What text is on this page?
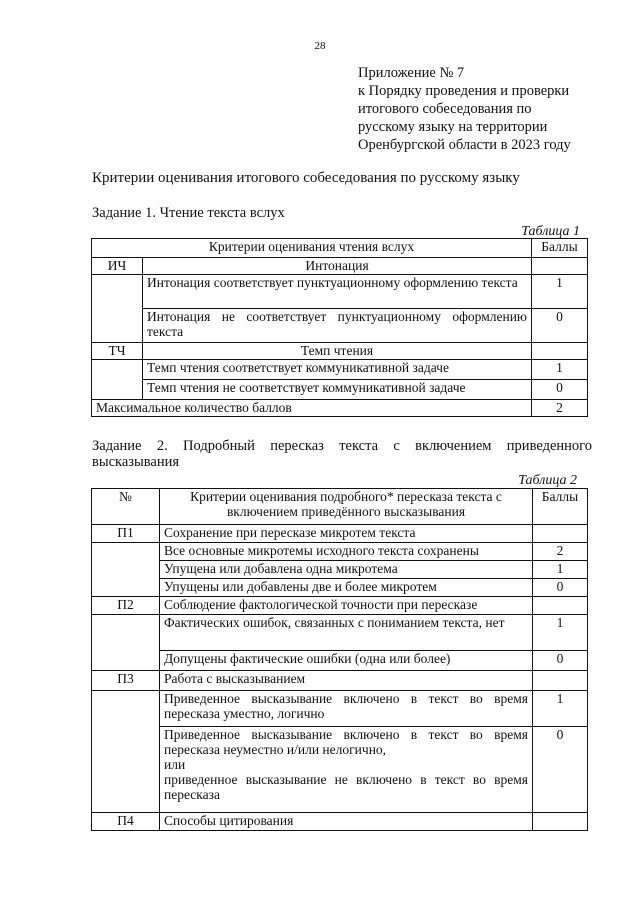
28
Приложение № 7
к Порядку проведения и проверки
итогового собеседования по
русскому языку на территории
Оренбургской области в 2023 году
Критерии оценивания итогового собеседования по русскому языку
Задание 1. Чтение текста вслух
Таблица 1
Критерии оценивания чтения вслух		Баллы
ИЧ	Интонация	
	Интонация соответствует пунктуационному оформлению текста	1
	Интонация не соответствует пунктуационному оформлению текста	0
ТЧ	Темп чтения	
	Темп чтения соответствует коммуникативной задаче	1
	Темп чтения не соответствует коммуникативной задаче	0
Максимальное количество баллов		2
Задание 2. Подробный пересказ текста с включением приведенного
высказывания
Таблица 2
№	Критерии оценивания подробного* пересказа текста с включением приведённого высказывания	Баллы
П1	Сохранение при пересказе микротем текста	
	Все основные микротемы исходного текста сохранены	2
	Упущена или добавлена одна микротема	1
	Упущены или добавлены две и более микротем	0
П2	Соблюдение фактологической точности при пересказе	
	Фактических ошибок, связанных с пониманием текста, нет	1
	Допущены фактические ошибки (одна или более)	0
П3	Работа с высказыванием	
	Приведенное высказывание включено в текст во время пересказа уместно, логично	1

	Приведенное высказывание включено в текст во время пересказа неуместно и/или нелогично,
или
приведенное высказывание не включено в текст во время пересказа	0
П4	Способы цитирования	
